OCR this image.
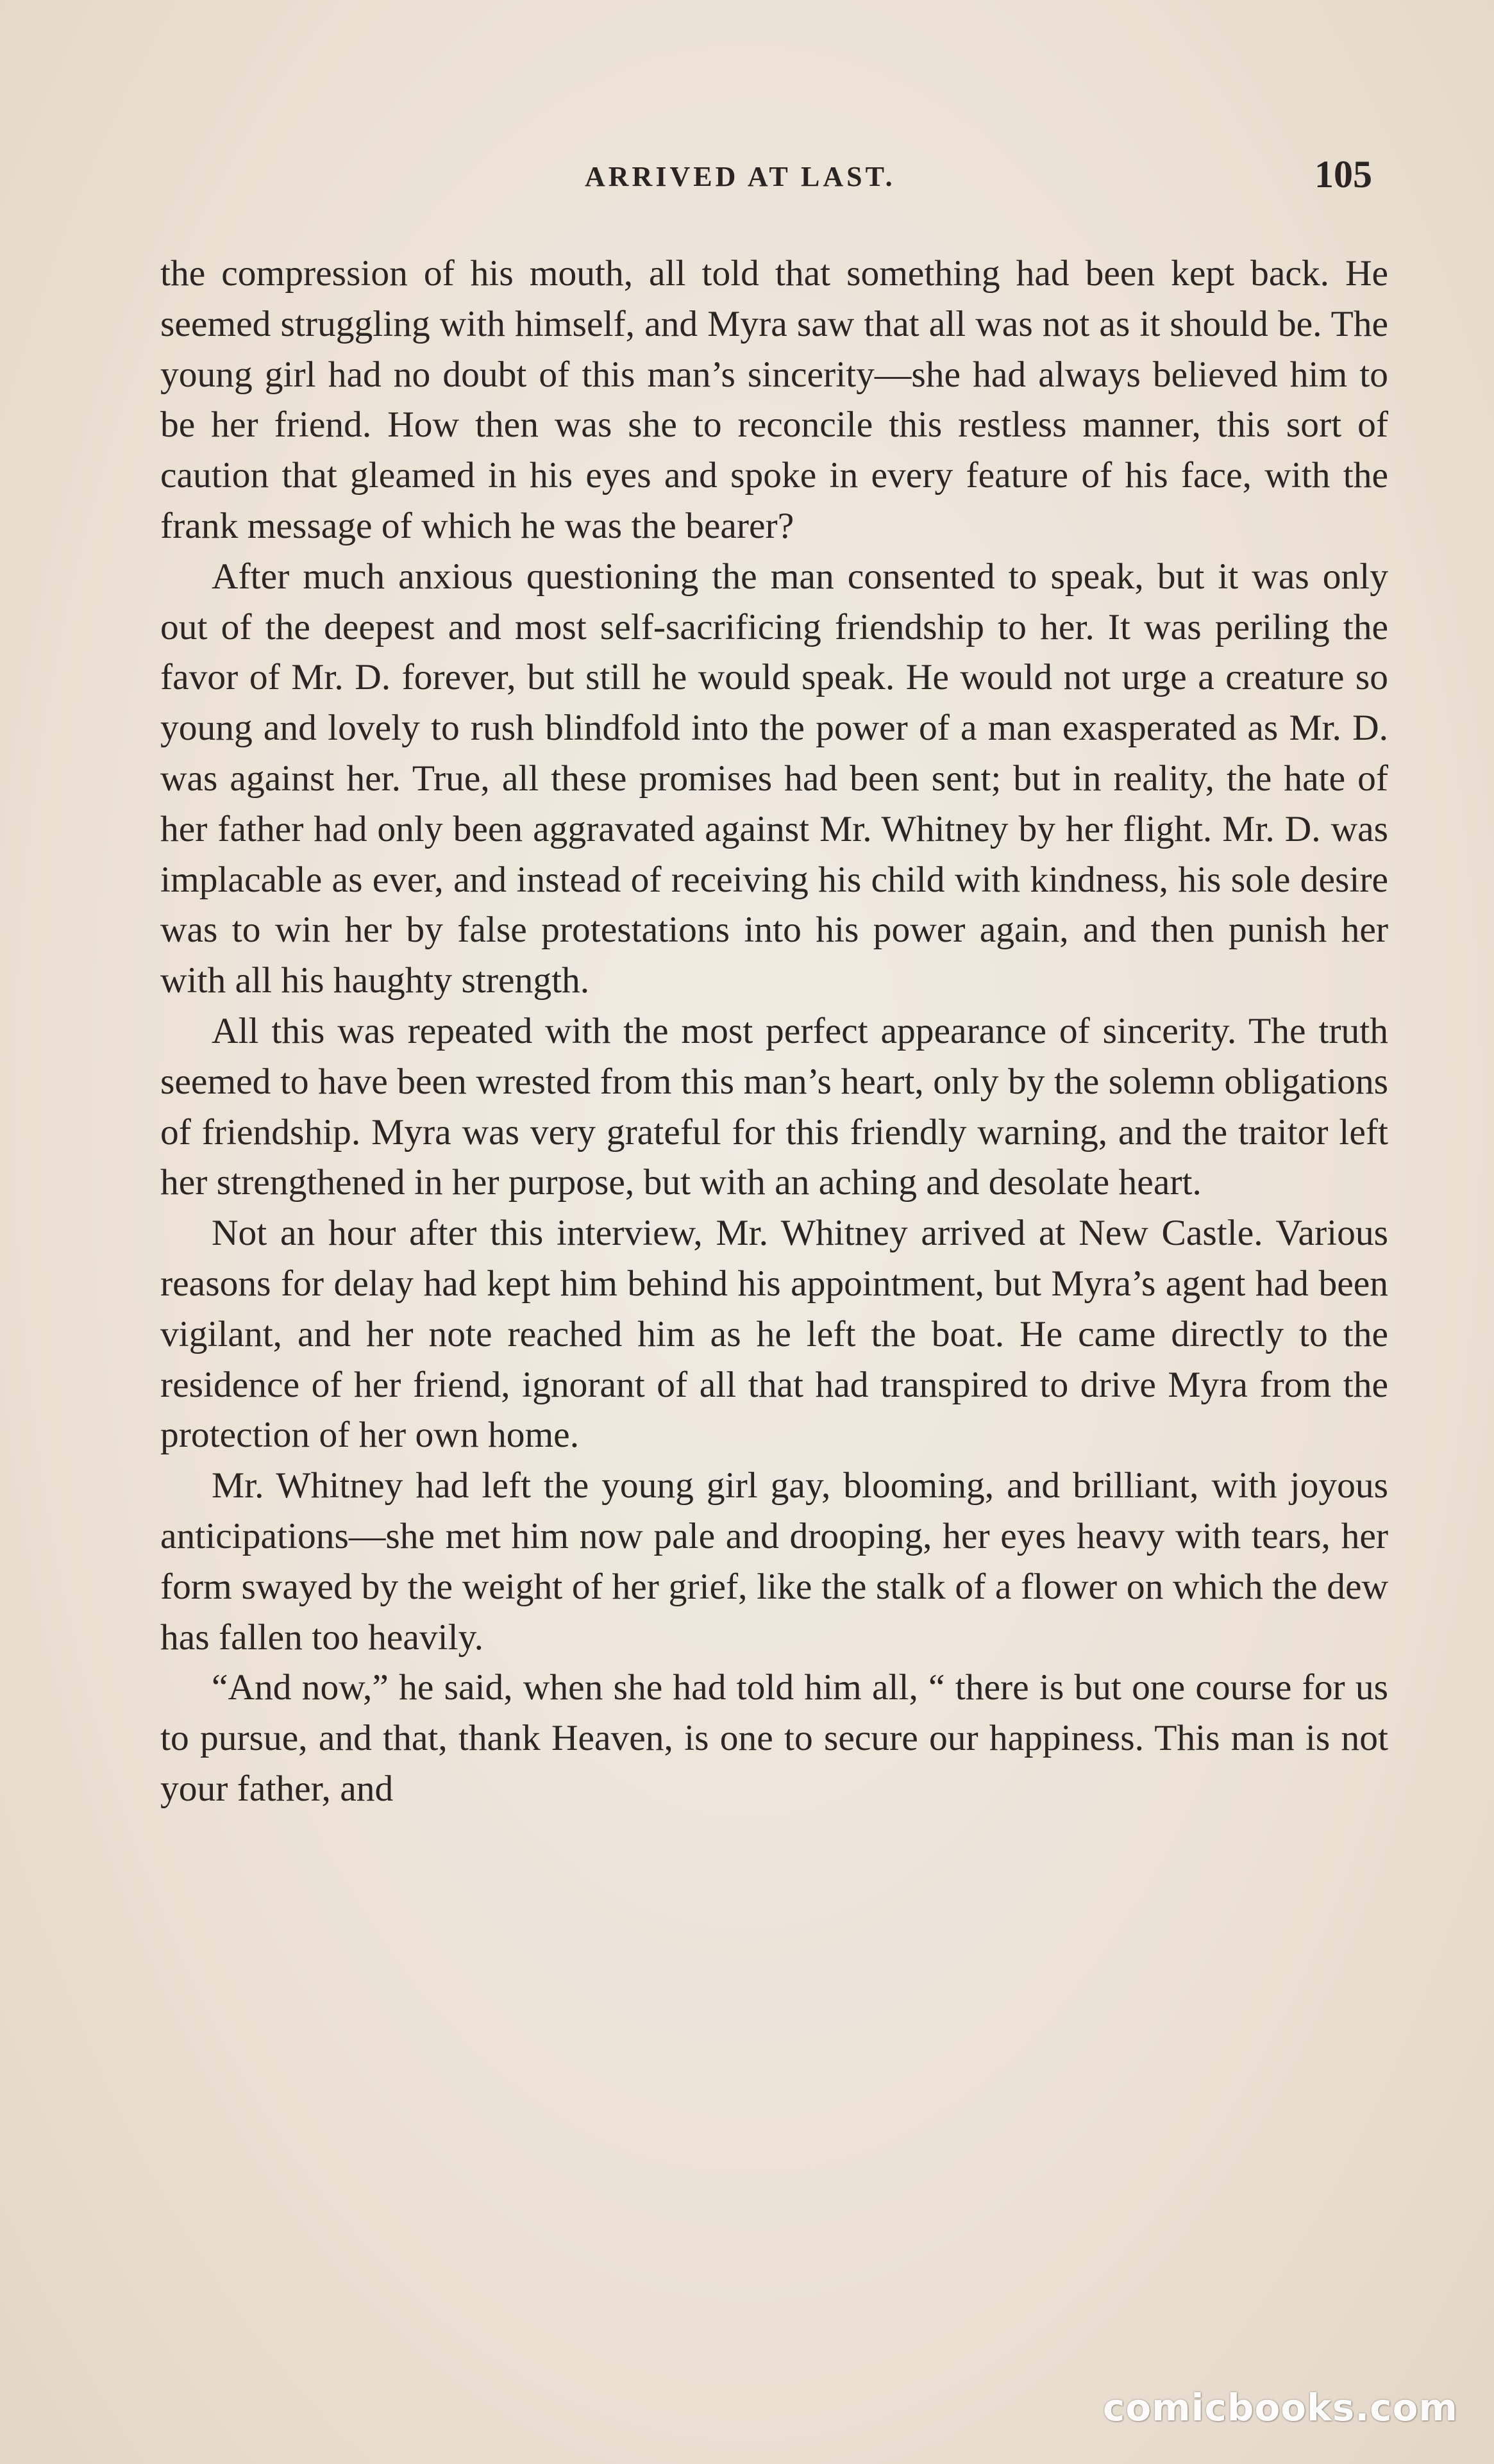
ARRIVED AT LAST.	105

the compression of his mouth, all told that something had been kept back. He seemed struggling with himself, and Myra saw that all was not as it should be. The young girl had no doubt of this man’s sincerity—she had always believed him to be her friend. How then was she to reconcile this restless manner, this sort of caution that gleamed in his eyes and spoke in every feature of his face, with the frank message of which he was the bearer?

After much anxious questioning the man consented to speak, but it was only out of the deepest and most self-sacrificing friendship to her. It was periling the favor of Mr. D. forever, but still he would speak. He would not urge a creature so young and lovely to rush blindfold into the power of a man exasperated as Mr. D. was against her. True, all these promises had been sent; but in reality, the hate of her father had only been aggravated against Mr. Whitney by her flight. Mr. D. was implacable as ever, and instead of receiving his child with kindness, his sole desire was to win her by false protestations into his power again, and then punish her with all his haughty strength.

All this was repeated with the most perfect appearance of sincerity. The truth seemed to have been wrested from this man’s heart, only by the solemn obligations of friendship. Myra was very grateful for this friendly warning, and the traitor left her strengthened in her purpose, but with an aching and desolate heart.

Not an hour after this interview, Mr. Whitney arrived at New Castle. Various reasons for delay had kept him behind his appointment, but Myra’s agent had been vigilant, and her note reached him as he left the boat. He came directly to the residence of her friend, ignorant of all that had transpired to drive Myra from the protection of her own home.

Mr. Whitney had left the young girl gay, blooming, and brilliant, with joyous anticipations—she met him now pale and drooping, her eyes heavy with tears, her form swayed by the weight of her grief, like the stalk of a flower on which the dew has fallen too heavily.

“And now,” he said, when she had told him all, “ there is but one course for us to pursue, and that, thank Heaven, is one to secure our happiness. This man is not your father, and

comicbooks.com
